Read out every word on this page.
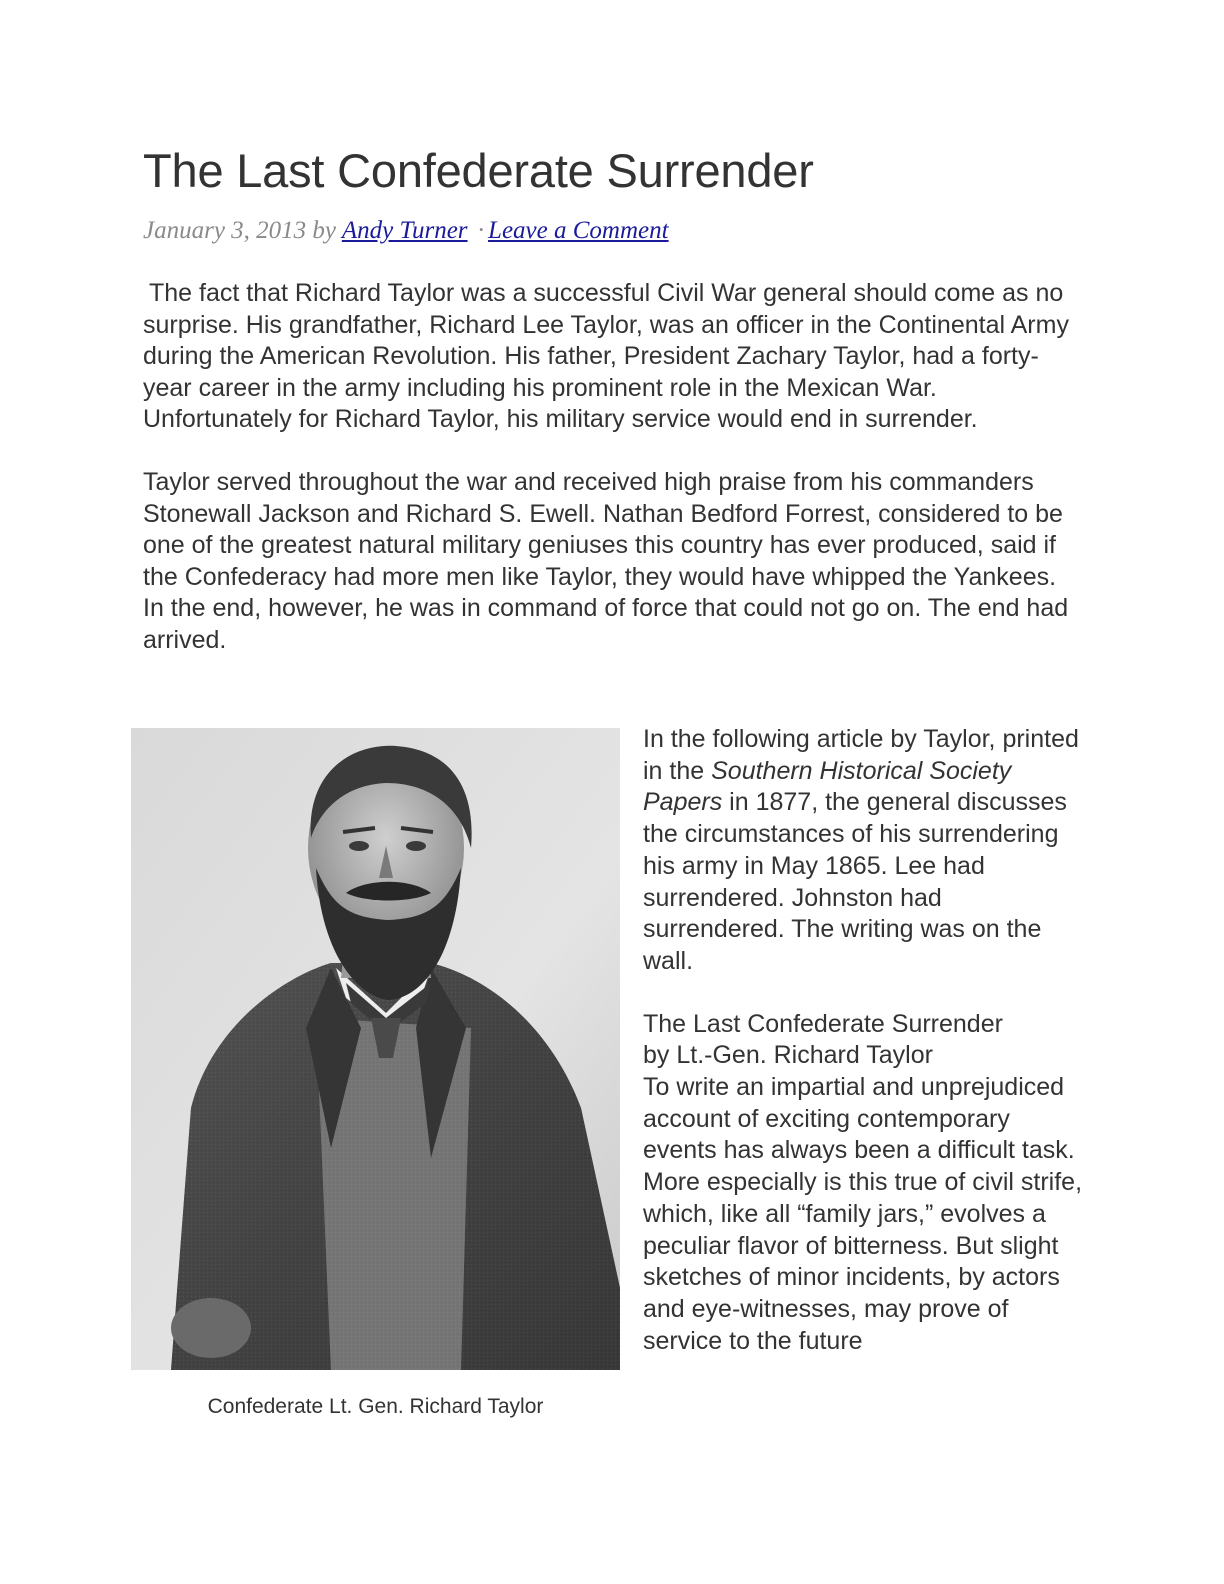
The Last Confederate Surrender
January 3, 2013 by Andy Turner · Leave a Comment

The fact that Richard Taylor was a successful Civil War general should come as no surprise. His grandfather, Richard Lee Taylor, was an officer in the Continental Army during the American Revolution. His father, President Zachary Taylor, had a forty-year career in the army including his prominent role in the Mexican War. Unfortunately for Richard Taylor, his military service would end in surrender.

Taylor served throughout the war and received high praise from his commanders Stonewall Jackson and Richard S. Ewell. Nathan Bedford Forrest, considered to be one of the greatest natural military geniuses this country has ever produced, said if the Confederacy had more men like Taylor, they would have whipped the Yankees. In the end, however, he was in command of force that could not go on. The end had arrived.

Confederate Lt. Gen. Richard Taylor

In the following article by Taylor, printed in the Southern Historical Society Papers in 1877, the general discusses the circumstances of his surrendering his army in May 1865. Lee had surrendered. Johnston had surrendered. The writing was on the wall.

The Last Confederate Surrender

by Lt.-Gen. Richard Taylor

To write an impartial and unprejudiced account of exciting contemporary events has always been a difficult task. More especially is this true of civil strife, which, like all “family jars,” evolves a peculiar flavor of bitterness. But slight sketches of minor incidents, by actors and eye-witnesses, may prove of service to the future
